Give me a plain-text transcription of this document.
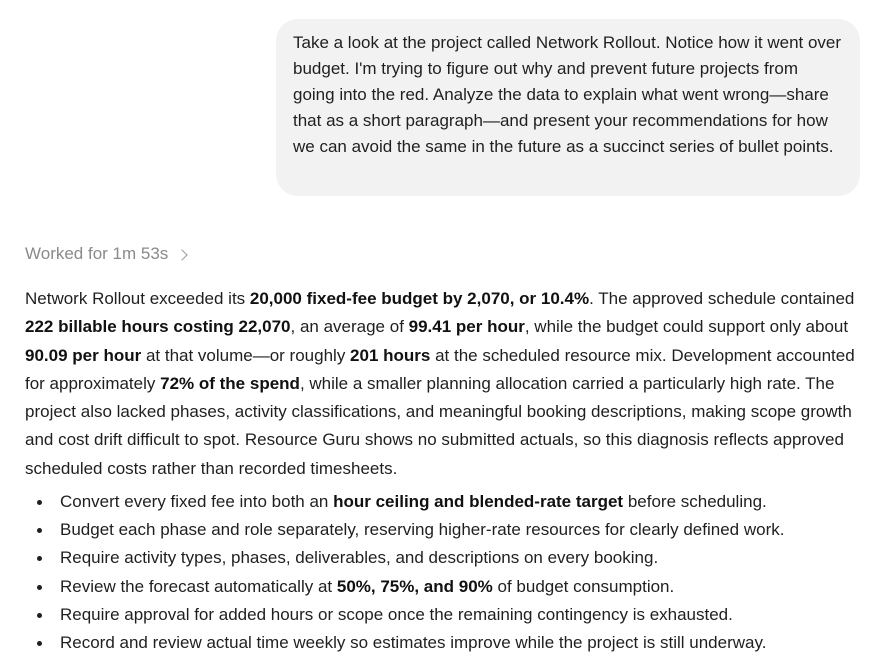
Take a look at the project called Network Rollout. Notice how it went over budget. I'm trying to figure out why and prevent future projects from going into the red. Analyze the data to explain what went wrong—share that as a short paragraph—and present your recommendations for how we can avoid the same in the future as a succinct series of bullet points.

Worked for 1m 53s

Network Rollout exceeded its 20,000 fixed-fee budget by 2,070, or 10.4%. The approved schedule contained 222 billable hours costing 22,070, an average of 99.41 per hour, while the budget could support only about 90.09 per hour at that volume—or roughly 201 hours at the scheduled resource mix. Development accounted for approximately 72% of the spend, while a smaller planning allocation carried a particularly high rate. The project also lacked phases, activity classifications, and meaningful booking descriptions, making scope growth and cost drift difficult to spot. Resource Guru shows no submitted actuals, so this diagnosis reflects approved scheduled costs rather than recorded timesheets.

Convert every fixed fee into both an hour ceiling and blended-rate target before scheduling.
Budget each phase and role separately, reserving higher-rate resources for clearly defined work.
Require activity types, phases, deliverables, and descriptions on every booking.
Review the forecast automatically at 50%, 75%, and 90% of budget consumption.
Require approval for added hours or scope once the remaining contingency is exhausted.
Record and review actual time weekly so estimates improve while the project is still underway.
